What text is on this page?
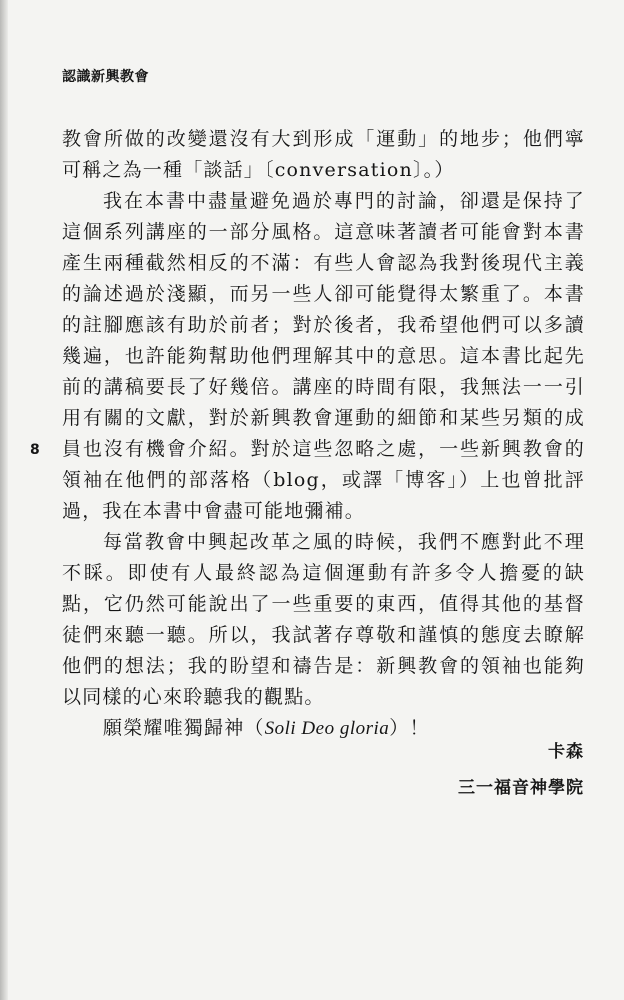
認識新興教會
8

教會所做的改變還沒有大到形成「運動」的地步；他們寧可稱之為一種「談話」〔conversation〕。）

我在本書中盡量避免過於專門的討論，卻還是保持了這個系列講座的一部分風格。這意味著讀者可能會對本書產生兩種截然相反的不滿：有些人會認為我對後現代主義的論述過於淺顯，而另一些人卻可能覺得太繁重了。本書的註腳應該有助於前者；對於後者，我希望他們可以多讀幾遍，也許能夠幫助他們理解其中的意思。這本書比起先前的講稿要長了好幾倍。講座的時間有限，我無法一一引用有關的文獻，對於新興教會運動的細節和某些另類的成員也沒有機會介紹。對於這些忽略之處，一些新興教會的領袖在他們的部落格（blog，或譯「博客」）上也曾批評過，我在本書中會盡可能地彌補。

每當教會中興起改革之風的時候，我們不應對此不理不睬。即使有人最終認為這個運動有許多令人擔憂的缺點，它仍然可能說出了一些重要的東西，值得其他的基督徒們來聽一聽。所以，我試著存尊敬和謹慎的態度去瞭解他們的想法；我的盼望和禱告是：新興教會的領袖也能夠以同樣的心來聆聽我的觀點。

願榮耀唯獨歸神（Soli Deo gloria）！

卡森
三一福音神學院
